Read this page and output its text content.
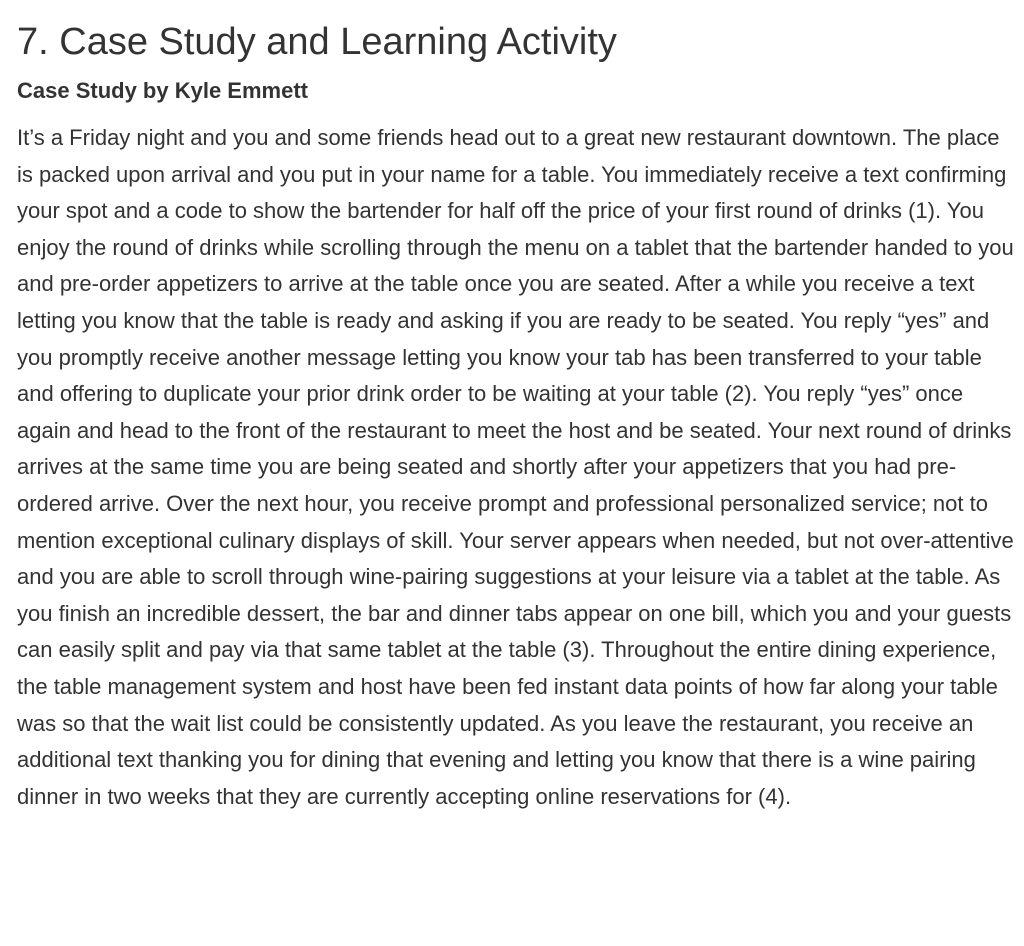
7. Case Study and Learning Activity
Case Study by Kyle Emmett

It’s a Friday night and you and some friends head out to a great new restaurant downtown. The place is packed upon arrival and you put in your name for a table. You immediately receive a text confirming your spot and a code to show the bartender for half off the price of your first round of drinks (1). You enjoy the round of drinks while scrolling through the menu on a tablet that the bartender handed to you and pre-order appetizers to arrive at the table once you are seated. After a while you receive a text letting you know that the table is ready and asking if you are ready to be seated. You reply “yes” and you promptly receive another message letting you know your tab has been transferred to your table and offering to duplicate your prior drink order to be waiting at your table (2). You reply “yes” once again and head to the front of the restaurant to meet the host and be seated. Your next round of drinks arrives at the same time you are being seated and shortly after your appetizers that you had pre-ordered arrive. Over the next hour, you receive prompt and professional personalized service; not to mention exceptional culinary displays of skill. Your server appears when needed, but not over-attentive and you are able to scroll through wine-pairing suggestions at your leisure via a tablet at the table. As you finish an incredible dessert, the bar and dinner tabs appear on one bill, which you and your guests can easily split and pay via that same tablet at the table (3). Throughout the entire dining experience, the table management system and host have been fed instant data points of how far along your table was so that the wait list could be consistently updated. As you leave the restaurant, you receive an additional text thanking you for dining that evening and letting you know that there is a wine pairing dinner in two weeks that they are currently accepting online reservations for (4).
